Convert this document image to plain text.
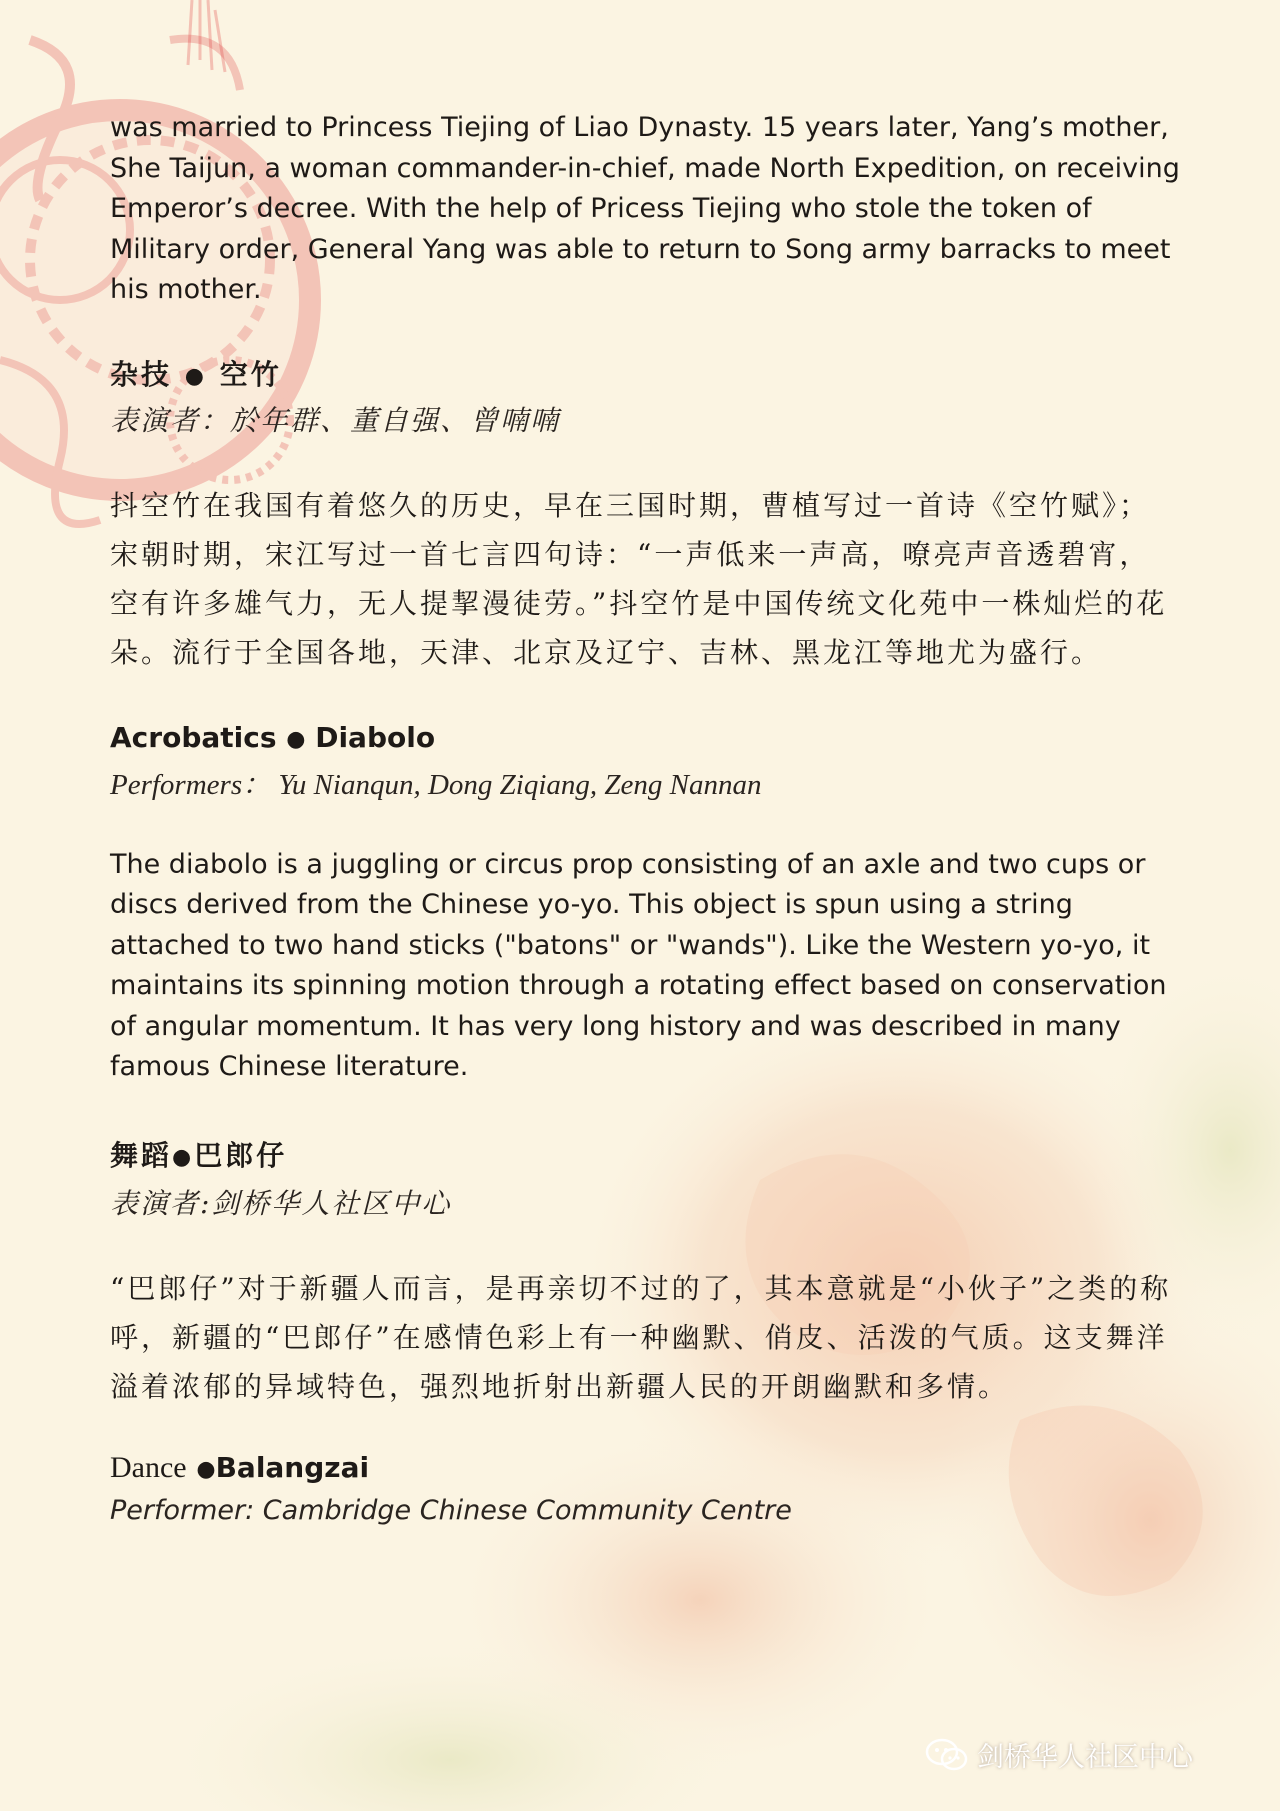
was married to Princess Tiejing of Liao Dynasty. 15 years later, Yang’s mother, She Taijun, a woman commander-in-chief, made North Expedition, on receiving Emperor’s decree. With the help of Pricess Tiejing who stole the token of Military order, General Yang was able to return to Song army barracks to meet his mother.

杂技 ● 空竹

表演者：於年群、董自强、曾喃喃

抖空竹在我国有着悠久的历史，早在三国时期，曹植写过一首诗《空竹赋》；宋朝时期，宋江写过一首七言四句诗：“一声低来一声高，嘹亮声音透碧宵，空有许多雄气力，无人提挈漫徒劳。”抖空竹是中国传统文化苑中一株灿烂的花朵。流行于全国各地，天津、北京及辽宁、吉林、黑龙江等地尤为盛行。

Acrobatics ● Diabolo

Performers： Yu Nianqun, Dong Ziqiang, Zeng Nannan

The diabolo is a juggling or circus prop consisting of an axle and two cups or discs derived from the Chinese yo-yo. This object is spun using a string attached to two hand sticks ("batons" or "wands"). Like the Western yo-yo, it maintains its spinning motion through a rotating effect based on conservation of angular momentum. It has very long history and was described in many famous Chinese literature.

舞蹈●巴郎仔

表演者:剑桥华人社区中心

“巴郎仔”对于新疆人而言，是再亲切不过的了，其本意就是“小伙子”之类的称呼，新疆的“巴郎仔”在感情色彩上有一种幽默、俏皮、活泼的气质。这支舞洋溢着浓郁的异域特色，强烈地折射出新疆人民的开朗幽默和多情。

Dance ●Balangzai

Performer: Cambridge Chinese Community Centre

剑桥华人社区中心
